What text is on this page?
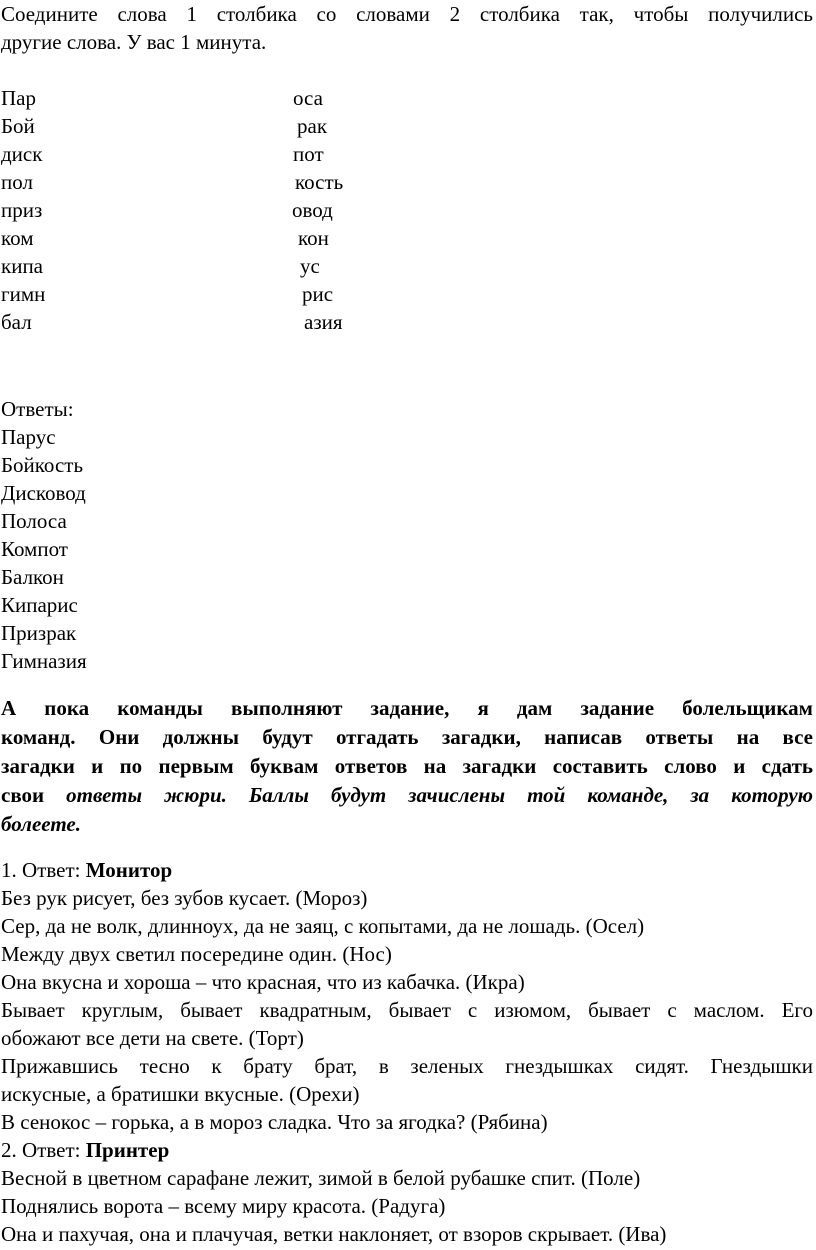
Соедините слова 1 столбика со словами 2 столбика так, чтобы получились
другие слова. У вас 1 минута.
Пар	оса
Бой	рак
диск	пот
пол	кость
приз	овод
ком	кон
кипа	ус
гимн	рис
бал	азия
Ответы:
Парус
Бойкость
Дисковод
Полоса
Компот
Балкон
Кипарис
Призрак
Гимназия
А пока команды выполняют задание, я дам задание болельщикам
команд. Они должны будут отгадать загадки, написав ответы на все
загадки и по первым буквам ответов на загадки составить слово и сдать
свои ответы жюри. Баллы будут зачислены той команде, за которую
болеете.
1. Ответ: Монитор
Без рук рисует, без зубов кусает. (Мороз)
Сер, да не волк, длинноух, да не заяц, с копытами, да не лошадь. (Осел)
Между двух светил посередине один. (Нос)
Она вкусна и хороша – что красная, что из кабачка. (Икра)
Бывает круглым, бывает квадратным, бывает с изюмом, бывает с маслом. Его
обожают все дети на свете. (Торт)
Прижавшись тесно к брату брат, в зеленых гнездышках сидят. Гнездышки
искусные, а братишки вкусные. (Орехи)
В сенокос – горька, а в мороз сладка. Что за ягодка? (Рябина)
2. Ответ: Принтер
Весной в цветном сарафане лежит, зимой в белой рубашке спит. (Поле)
Поднялись ворота – всему миру красота. (Радуга)
Она и пахучая, она и плачучая, ветки наклоняет, от взоров скрывает. (Ива)
